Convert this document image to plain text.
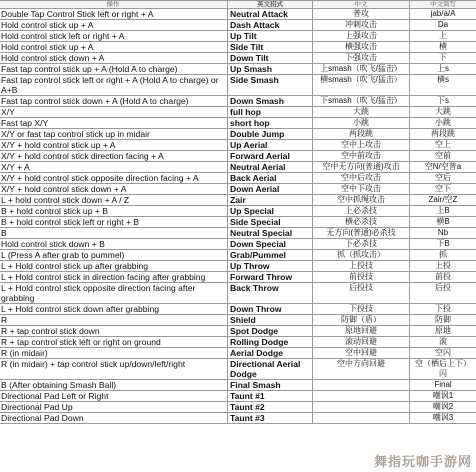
操作	英文招式	中文	中文简写
Double Tap Control Stick left or right + A	Neutral Attack	普攻	jab/a/A
Hold control stick up + A	Dash Attack	冲刺攻击	Da
Hold control stick left or right + A	Up Tilt	上强攻击	上
Hold control stick up + A	Side Tilt	横强攻击	横
Hold control stick down + A	Down Tilt	下强攻击	下
Fast tap control stick up + A (Hold A to charge)	Up Smash	上smash（吹飞/猛击）	上s
Fast tap control stick left or right + A (Hold A to charge) or A+B	Side Smash	横smash（吹飞/猛击）	横s
Fast tap control stick down + A (Hold A to charge)	Down Smash	下smash（吹飞/猛击）	下s
X/Y	full hop	大跳	大跳
Fast tap X/Y	short hop	小跳	小跳
X/Y or fast tap control stick up in midair	Double Jump	两段跳	两段跳
X/Y + hold control stick up + A	Up Aerial	空中上攻击	空上
X/Y + hold control stick direction facing + A	Forward Aerial	空中前攻击	空前
X/Y + A	Neutral Aerial	空中无方向(普通)攻击	空N/空普a
X/Y + hold control stick opposite direction facing + A	Back Aerial	空中后攻击	空后
X/Y + hold control stick down + A	Down Aerial	空中下攻击	空下
L + hold control stick down + A / Z	Zair	空中抓绳攻击	Zair/空Z
B + hold control stick up + B	Up Special	上必杀技	上B
B + hold control stick left or right + B	Side Special	横必杀技	横B
B	Neutral Special	无方向(普通)必杀技	Nb
Hold control stick down + B	Down Special	下必杀技	下B
L (Press A after grab to pummel)	Grab/Pummel	抓（抓攻击）	抓
L + Hold control stick up after grabbing	Up Throw	上投技	上投
L + Hold control stick in direction facing after grabbing	Forward Throw	前投技	前投
L + Hold control stick opposite direction facing after grabbing	Back Throw	后投技	后投
L + Hold control stick down after grabbing	Down Throw	下投技	下投
R	Shield	防御（盾）	防御
R + tap control stick down	Spot Dodge	原地回避	原地
R + tap control stick left or right on ground	Rolling Dodge	滚动回避	滚
R (in midair)	Aerial Dodge	空中回避	空闪
R (in midair) + tap control stick up/down/left/right	Directional Aerial Dodge	空中方向回避	空（栖后上下）闪
B (After obtaining Smash Ball)	Final Smash		Final
Directional Pad Left or Right	Taunt #1		嘲讽1
Directional Pad Up	Taunt #2		嘲讽2
Directional Pad Down	Taunt #3		嘲讽3
舞指玩咖手游网
